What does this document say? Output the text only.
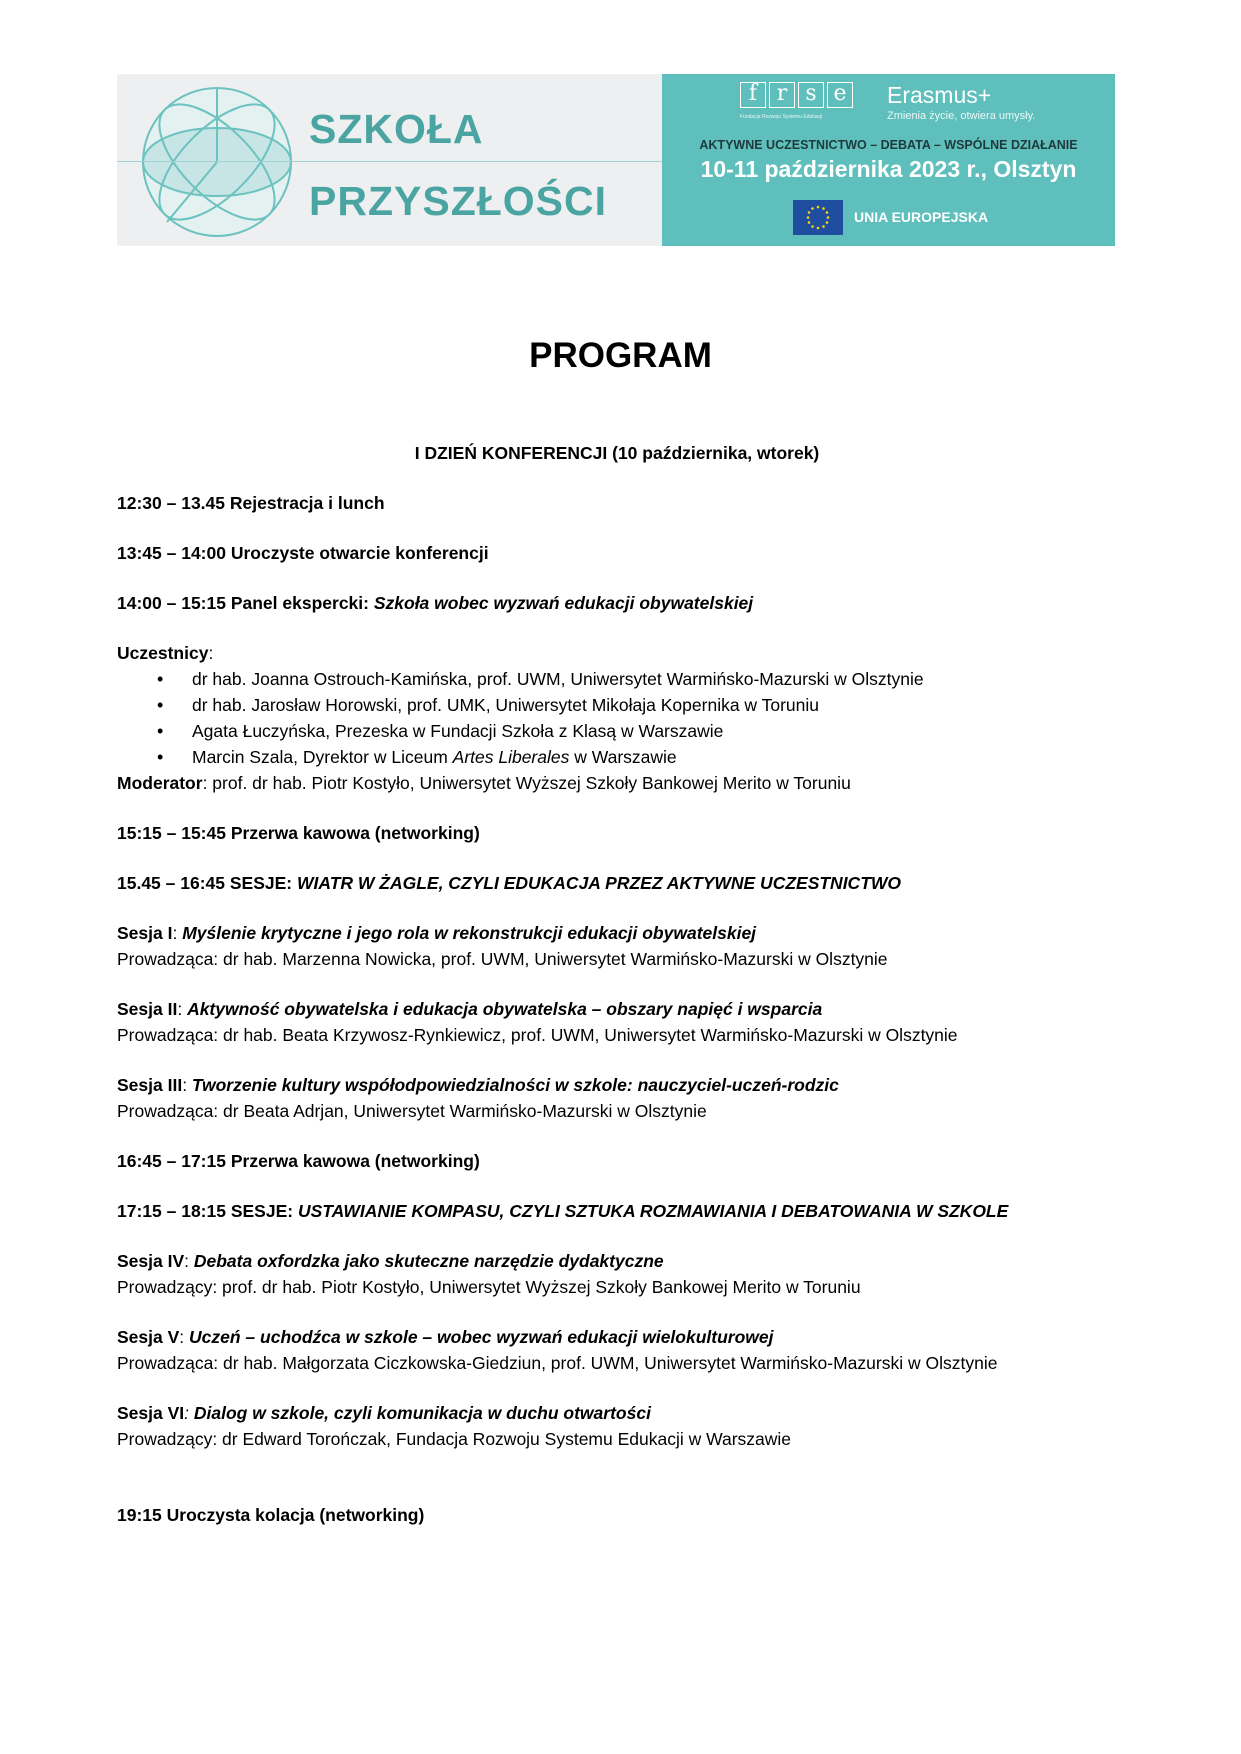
SZKOŁA
PRZYSZŁOŚCI
f r s e
Fundacja Rozwoju Systemu Edukacji
Erasmus+
Zmienia życie, otwiera umysły.
AKTYWNE UCZESTNICTWO – DEBATA – WSPÓLNE DZIAŁANIE
10-11 października 2023 r., Olsztyn
UNIA EUROPEJSKA
PROGRAM

I DZIEŃ KONFERENCJI (10 października, wtorek)

12:30 – 13.45 Rejestracja i lunch

13:45 – 14:00 Uroczyste otwarcie konferencji

14:00 – 15:15 Panel ekspercki: Szkoła wobec wyzwań edukacji obywatelskiej

Uczestnicy:

• dr hab. Joanna Ostrouch-Kamińska, prof. UWM, Uniwersytet Warmińsko-Mazurski w Olsztynie
• dr hab. Jarosław Horowski, prof. UMK, Uniwersytet Mikołaja Kopernika w Toruniu
• Agata Łuczyńska, Prezeska w Fundacji Szkoła z Klasą w Warszawie
• Marcin Szala, Dyrektor w Liceum Artes Liberales w Warszawie

Moderator: prof. dr hab. Piotr Kostyło, Uniwersytet Wyższej Szkoły Bankowej Merito w Toruniu

15:15 – 15:45 Przerwa kawowa (networking)

15.45 – 16:45 SESJE: WIATR W ŻAGLE, CZYLI EDUKACJA PRZEZ AKTYWNE UCZESTNICTWO

Sesja I: Myślenie krytyczne i jego rola w rekonstrukcji edukacji obywatelskiej

Prowadząca: dr hab. Marzenna Nowicka, prof. UWM, Uniwersytet Warmińsko-Mazurski w Olsztynie

Sesja II: Aktywność obywatelska i edukacja obywatelska – obszary napięć i wsparcia

Prowadząca: dr hab. Beata Krzywosz-Rynkiewicz, prof. UWM, Uniwersytet Warmińsko-Mazurski w Olsztynie

Sesja III: Tworzenie kultury współodpowiedzialności w szkole: nauczyciel-uczeń-rodzic

Prowadząca: dr Beata Adrjan, Uniwersytet Warmińsko-Mazurski w Olsztynie

16:45 – 17:15 Przerwa kawowa (networking)

17:15 – 18:15 SESJE: USTAWIANIE KOMPASU, CZYLI SZTUKA ROZMAWIANIA I DEBATOWANIA W SZKOLE

Sesja IV: Debata oxfordzka jako skuteczne narzędzie dydaktyczne

Prowadzący: prof. dr hab. Piotr Kostyło, Uniwersytet Wyższej Szkoły Bankowej Merito w Toruniu

Sesja V: Uczeń – uchodźca w szkole – wobec wyzwań edukacji wielokulturowej

Prowadząca: dr hab. Małgorzata Ciczkowska-Giedziun, prof. UWM, Uniwersytet Warmińsko-Mazurski w Olsztynie

Sesja VI: Dialog w szkole, czyli komunikacja w duchu otwartości

Prowadzący: dr Edward Torończak, Fundacja Rozwoju Systemu Edukacji w Warszawie

19:15 Uroczysta kolacja (networking)
